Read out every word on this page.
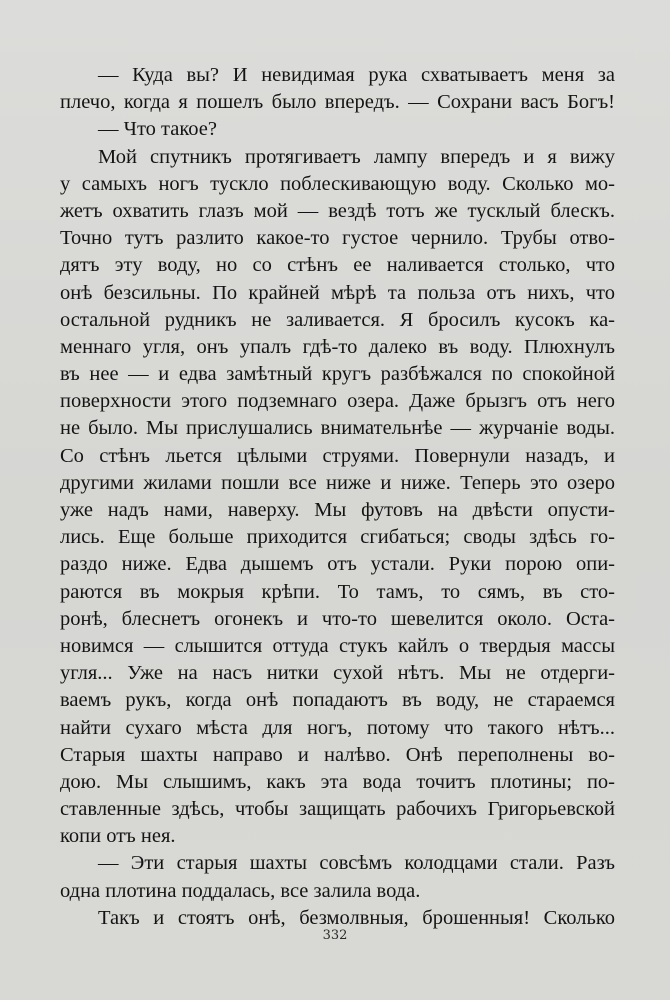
— Куда вы? И невидимая рука схватываетъ меня за
плечо, когда я пошелъ было впередъ. — Сохрани васъ Богъ!
— Что такое?
Мой спутникъ протягиваетъ лампу впередъ и я вижу
у самыхъ ногъ тускло поблескивающую воду. Сколько мо-
жетъ охватить глазъ мой — вездѣ тотъ же тусклый блескъ.
Точно тутъ разлито какое-то густое чернило. Трубы отво-
дятъ эту воду, но со стѣнъ ее наливается столько, что
онѣ безсильны. По крайней мѣрѣ та польза отъ нихъ, что
остальной рудникъ не заливается. Я бросилъ кусокъ ка-
меннаго угля, онъ упалъ гдѣ-то далеко въ воду. Плюхнулъ
въ нее — и едва замѣтный кругъ разбѣжался по спокойной
поверхности этого подземнаго озера. Даже брызгъ отъ него
не было. Мы прислушались внимательнѣе — журчанiе воды.
Со стѣнъ льется цѣлыми струями. Повернули назадъ, и
другими жилами пошли все ниже и ниже. Теперь это озеро
уже надъ нами, наверху. Мы футовъ на двѣсти опусти-
лись. Еще больше приходится сгибаться; своды здѣсь го-
раздо ниже. Едва дышемъ отъ устали. Руки порою опи-
раются въ мокрыя крѣпи. То тамъ, то сямъ, въ сто-
ронѣ, блеснетъ огонекъ и что-то шевелится около. Оста-
новимся — слышится оттуда стукъ кайлъ о твердыя массы
угля... Уже на насъ нитки сухой нѣтъ. Мы не отдерги-
ваемъ рукъ, когда онѣ попадаютъ въ воду, не стараемся
найти сухаго мѣста для ногъ, потому что такого нѣтъ...
Старыя шахты направо и налѣво. Онѣ переполнены во-
дою. Мы слышимъ, какъ эта вода точитъ плотины; по-
ставленные здѣсь, чтобы защищать рабочихъ Григорьевской
копи отъ нея.
— Эти старыя шахты совсѣмъ колодцами стали. Разъ
одна плотина поддалась, все залила вода.
Такъ и стоятъ онѣ, безмолвныя, брошенныя! Сколько
332
